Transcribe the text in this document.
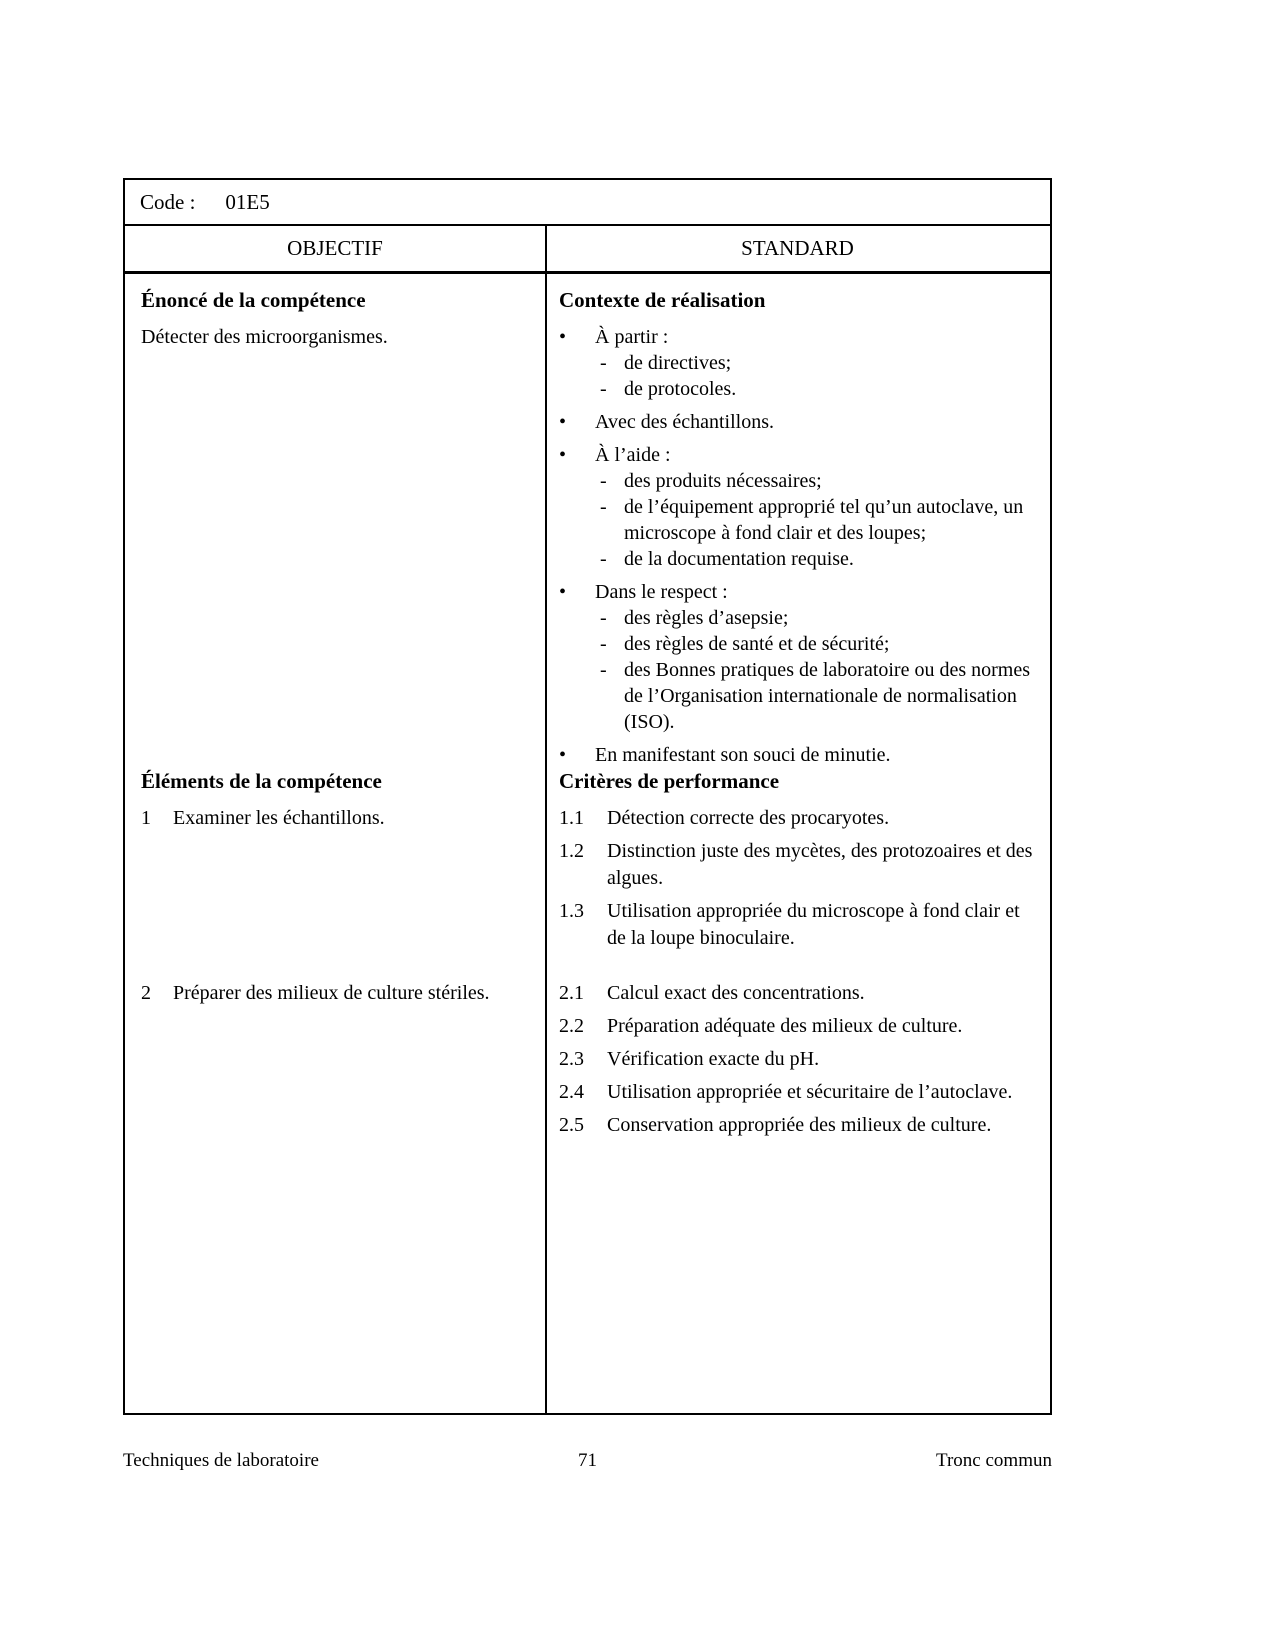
Code : 01E5
OBJECTIF	STANDARD
Énoncé de la compétence
Détecter des microorganismes.
Contexte de réalisation
•	À partir :
- de directives;
- de protocoles.
•	Avec des échantillons.
•	À l’aide :
- des produits nécessaires;
- de l’équipement approprié tel qu’un autoclave, un microscope à fond clair et des loupes;
- de la documentation requise.
•	Dans le respect :
- des règles d’asepsie;
- des règles de santé et de sécurité;
- des Bonnes pratiques de laboratoire ou des normes de l’Organisation internationale de normalisation (ISO).
•	En manifestant son souci de minutie.
Éléments de la compétence	Critères de performance
1	Examiner les échantillons.	1.1	Détection correcte des procaryotes.
1.2	Distinction juste des mycètes, des protozoaires et des algues.
1.3	Utilisation appropriée du microscope à fond clair et de la loupe binoculaire.
2	Préparer des milieux de culture stériles.	2.1	Calcul exact des concentrations.
2.2	Préparation adéquate des milieux de culture.
2.3	Vérification exacte du pH.
2.4	Utilisation appropriée et sécuritaire de l’autoclave.
2.5	Conservation appropriée des milieux de culture.
Techniques de laboratoire	71	Tronc commun
